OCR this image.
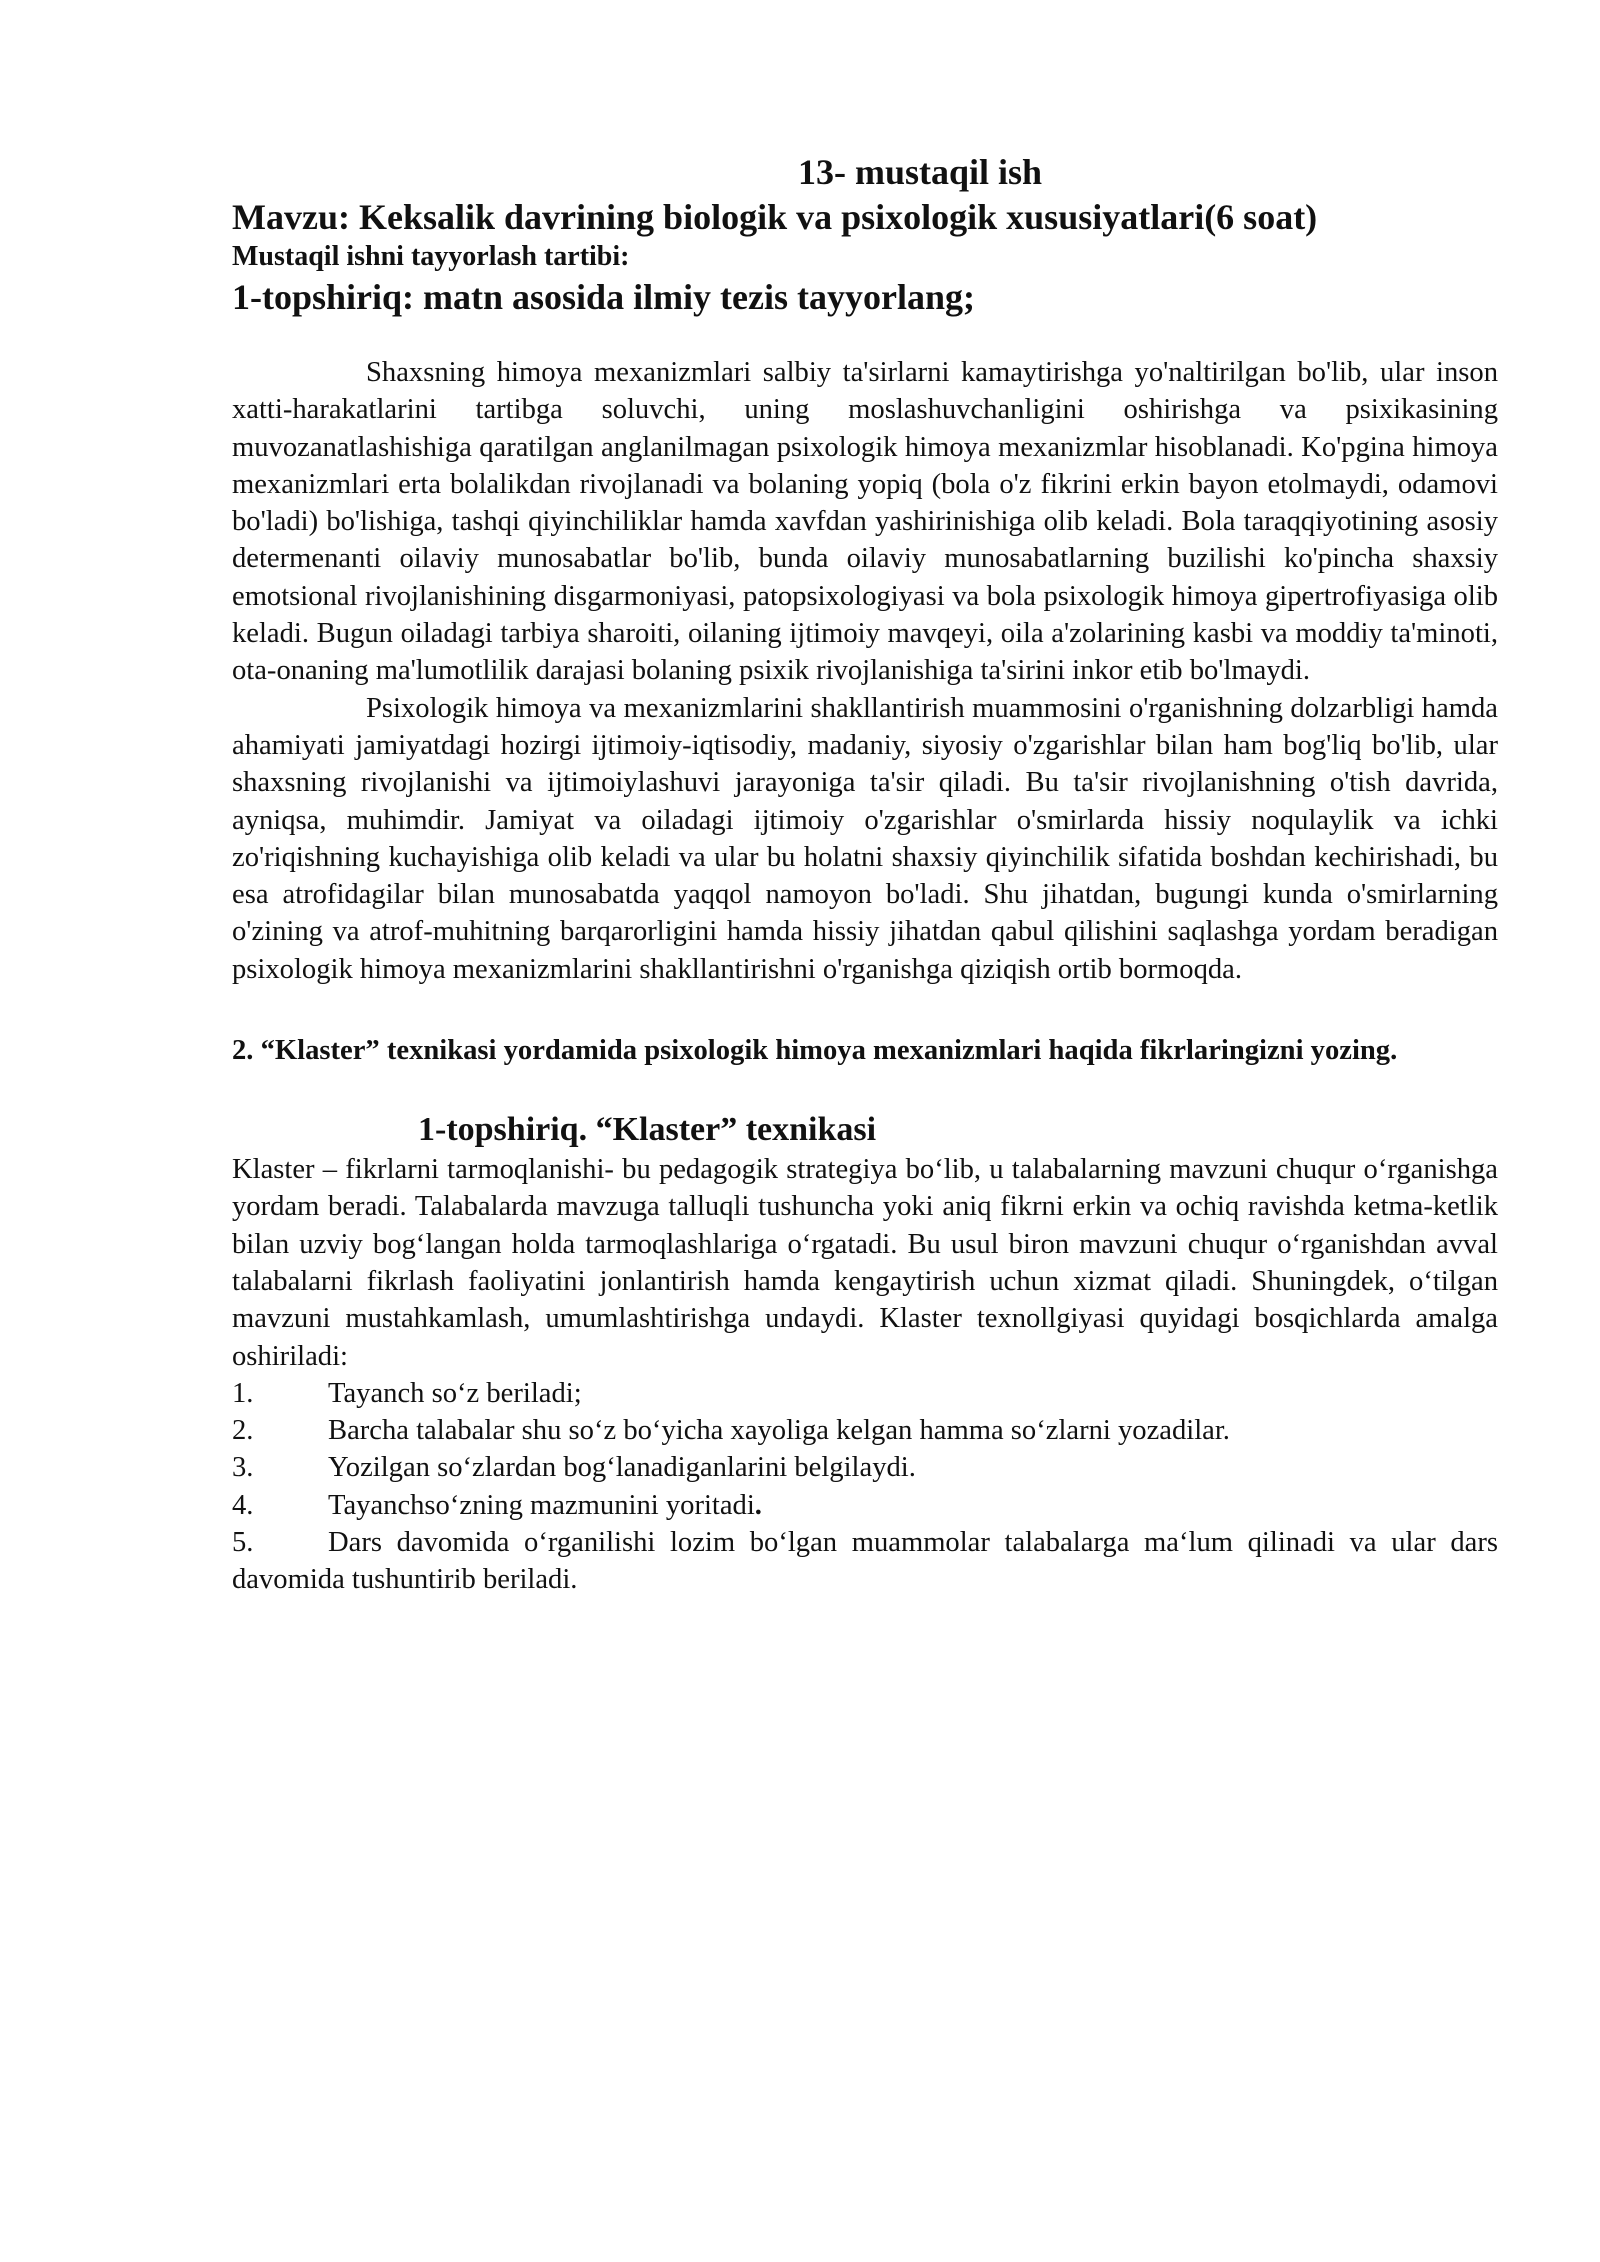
13- mustaqil ish
Mavzu: Keksalik davrining biologik va psixologik xususiyatlari(6 soat)
Mustaqil ishni tayyorlash tartibi:
1-topshiriq: matn asosida ilmiy tezis tayyorlang;

Shaxsning himoya mexanizmlari salbiy ta'sirlarni kamaytirishga yo'naltirilgan bo'lib, ular inson xatti-harakatlarini tartibga soluvchi, uning moslashuvchanligini oshirishga va psixikasining muvozanatlashishiga qaratilgan anglanilmagan psixologik himoya mexanizmlar hisoblanadi. Ko'pgina himoya mexanizmlari erta bolalikdan rivojlanadi va bolaning yopiq (bola o'z fikrini erkin bayon etolmaydi, odamovi bo'ladi) bo'lishiga, tashqi qiyinchiliklar hamda xavfdan yashirinishiga olib keladi. Bola taraqqiyotining asosiy determenanti oilaviy munosabatlar bo'lib, bunda oilaviy munosabatlarning buzilishi ko'pincha shaxsiy emotsional rivojlanishining disgarmoniyasi, patopsixologiyasi va bola psixologik himoya gipertrofiyasiga olib keladi. Bugun oiladagi tarbiya sharoiti, oilaning ijtimoiy mavqeyi, oila a'zolarining kasbi va moddiy ta'minoti, ota-onaning ma'lumotlilik darajasi bolaning psixik rivojlanishiga ta'sirini inkor etib bo'lmaydi.

Psixologik himoya va mexanizmlarini shakllantirish muammosini o'rganishning dolzarbligi hamda ahamiyati jamiyatdagi hozirgi ijtimoiy-iqtisodiy, madaniy, siyosiy o'zgarishlar bilan ham bog'liq bo'lib, ular shaxsning rivojlanishi va ijtimoiylashuvi jarayoniga ta'sir qiladi. Bu ta'sir rivojlanishning o'tish davrida, ayniqsa, muhimdir. Jamiyat va oiladagi ijtimoiy o'zgarishlar o'smirlarda hissiy noqulaylik va ichki zo'riqishning kuchayishiga olib keladi va ular bu holatni shaxsiy qiyinchilik sifatida boshdan kechirishadi, bu esa atrofidagilar bilan munosabatda yaqqol namoyon bo'ladi. Shu jihatdan, bugungi kunda o'smirlarning o'zining va atrof-muhitning barqarorligini hamda hissiy jihatdan qabul qilishini saqlashga yordam beradigan psixologik himoya mexanizmlarini shakllantirishni o'rganishga qiziqish ortib bormoqda.

2. “Klaster” texnikasi yordamida psixologik himoya mexanizmlari haqida fikrlaringizni yozing.
1-topshiriq. “Klaster” texnikasi

Klaster – fikrlarni tarmoqlanishi- bu pedagogik strategiya bo‘lib, u talabalarning mavzuni chuqur o‘rganishga yordam beradi. Talabalarda mavzuga talluqli tushuncha yoki aniq fikrni erkin va ochiq ravishda ketma-ketlik bilan uzviy bog‘langan holda tarmoqlashlariga o‘rgatadi. Bu usul biron mavzuni chuqur o‘rganishdan avval talabalarni fikrlash faoliyatini jonlantirish hamda kengaytirish uchun xizmat qiladi. Shuningdek, o‘tilgan mavzuni mustahkamlash, umumlashtirishga undaydi. Klaster texnollgiyasi quyidagi bosqichlarda amalga oshiriladi:

1.	Tayanch so‘z beriladi;
2.	Barcha talabalar shu so‘z bo‘yicha xayoliga kelgan hamma so‘zlarni yozadilar.
3.	Yozilgan so‘zlardan bog‘lanadiganlarini belgilaydi.
4.	Tayanchso‘zning mazmunini yoritadi.
5.	Dars davomida o‘rganilishi lozim bo‘lgan muammolar talabalarga ma‘lum qilinadi va ular dars davomida tushuntirib beriladi.
